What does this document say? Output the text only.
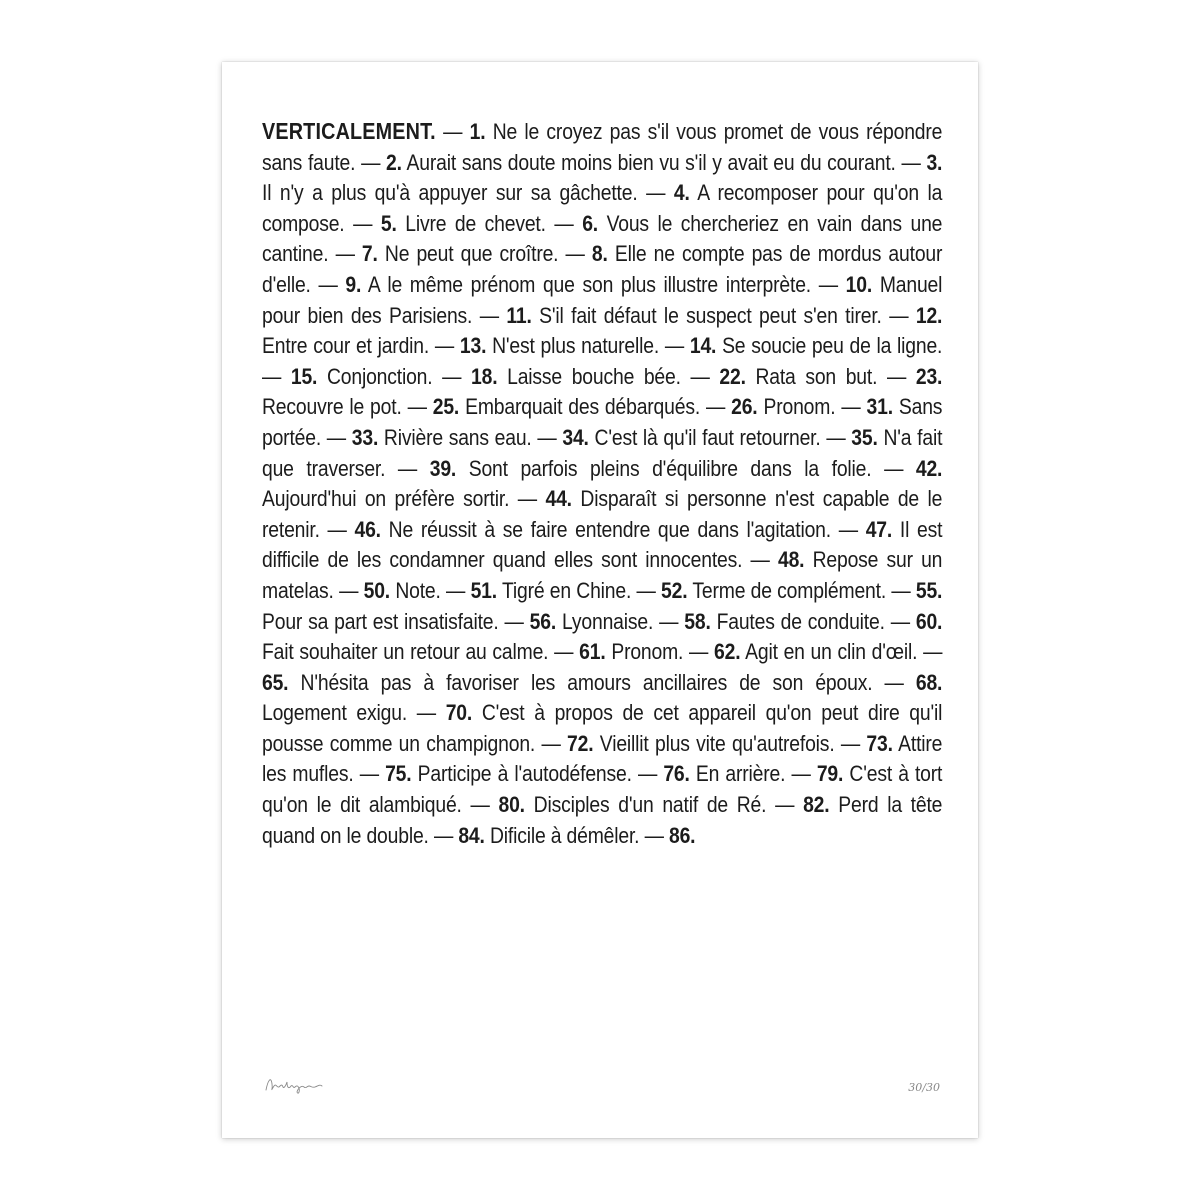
VERTICALEMENT. — 1. Ne le croyez pas s'il vous promet de vous répondre sans faute. — 2. Aurait sans doute moins bien vu s'il y avait eu du courant. — 3. Il n'y a plus qu'à appuyer sur sa gâchette. — 4. A recomposer pour qu'on la compose. — 5. Livre de chevet. — 6. Vous le chercheriez en vain dans une cantine. — 7. Ne peut que croître. — 8. Elle ne compte pas de mordus autour d'elle. — 9. A le même prénom que son plus illustre interprète. — 10. Manuel pour bien des Parisiens. — 11. S'il fait défaut le suspect peut s'en tirer. — 12. Entre cour et jardin. — 13. N'est plus naturelle. — 14. Se soucie peu de la ligne. — 15. Conjonction. — 18. Laisse bouche bée. — 22. Rata son but. — 23. Recouvre le pot. — 25. Embarquait des débarqués. — 26. Pronom. — 31. Sans portée. — 33. Rivière sans eau. — 34. C'est là qu'il faut retourner. — 35. N'a fait que traverser. — 39. Sont parfois pleins d'équilibre dans la folie. — 42. Aujourd'hui on préfère sortir. — 44. Disparaît si personne n'est capable de le retenir. — 46. Ne réussit à se faire entendre que dans l'agitation. — 47. Il est difficile de les condamner quand elles sont innocentes. — 48. Repose sur un matelas. — 50. Note. — 51. Tigré en Chine. — 52. Terme de complément. — 55. Pour sa part est insatisfaite. — 56. Lyonnaise. — 58. Fautes de conduite. — 60. Fait souhaiter un retour au calme. — 61. Pronom. — 62. Agit en un clin d'œil. — 65. N'hésita pas à favoriser les amours ancillaires de son époux. — 68. Logement exigu. — 70. C'est à propos de cet appareil qu'on peut dire qu'il pousse comme un champignon. — 72. Vieillit plus vite qu'autrefois. — 73. Attire les mufles. — 75. Participe à l'autodéfense. — 76. En arrière. — 79. C'est à tort qu'on le dit alambiqué. — 80. Disciples d'un natif de Ré. — 82. Perd la tête quand on le double. — 84. Dificile à démêler. — 86.
30/30
